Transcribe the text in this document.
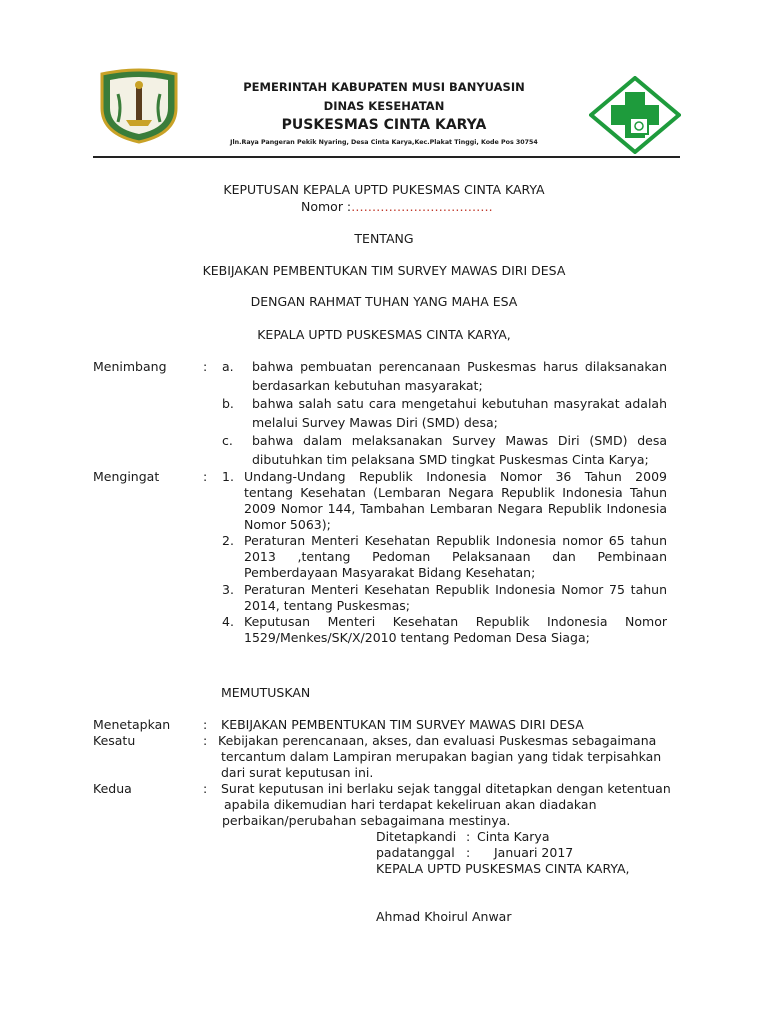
PEMERINTAH KABUPATEN MUSI BANYUASIN
DINAS KESEHATAN
PUSKESMAS CINTA KARYA
Jln.Raya Pangeran Pekik Nyaring, Desa Cinta Karya,Kec.Plakat Tinggi, Kode Pos 30754
KEPUTUSAN KEPALA UPTD PUKESMAS CINTA KARYA
Nomor :…………………………….
TENTANG
KEBIJAKAN PEMBENTUKAN TIM SURVEY MAWAS DIRI DESA
DENGAN RAHMAT TUHAN YANG MAHA ESA
KEPALA UPTD PUSKESMAS CINTA KARYA,
Menimbang	: a. bahwa pembuatan perencanaan Puskesmas harus dilaksanakan
berdasarkan kebutuhan masyarakat;
b. bahwa salah satu cara mengetahui kebutuhan masyrakat adalah
melalui Survey Mawas Diri (SMD) desa;
c. bahwa dalam melaksanakan Survey Mawas Diri (SMD) desa
dibutuhkan tim pelaksana SMD tingkat Puskesmas Cinta Karya;
Mengingat	: 1. Undang-Undang Republik Indonesia Nomor 36 Tahun 2009
tentang Kesehatan (Lembaran Negara Republik Indonesia Tahun
2009 Nomor 144, Tambahan Lembaran Negara Republik Indonesia
Nomor 5063);
2. Peraturan Menteri Kesehatan Republik Indonesia nomor 65 tahun
2013 ,tentang Pedoman Pelaksanaan dan Pembinaan
Pemberdayaan Masyarakat Bidang Kesehatan;
3. Peraturan Menteri Kesehatan Republik Indonesia Nomor 75 tahun
2014, tentang Puskesmas;
4. Keputusan Menteri Kesehatan Republik Indonesia Nomor
1529/Menkes/SK/X/2010 tentang Pedoman Desa Siaga;
MEMUTUSKAN
Menetapkan	: KEBIJAKAN PEMBENTUKAN TIM SURVEY MAWAS DIRI DESA
Kesatu	: Kebijakan perencanaan, akses, dan evaluasi Puskesmas sebagaimana
tercantum dalam Lampiran merupakan bagian yang tidak terpisahkan
dari surat keputusan ini.
Kedua	: Surat keputusan ini berlaku sejak tanggal ditetapkan dengan ketentuan
apabila dikemudian hari terdapat kekeliruan akan diadakan
perbaikan/perubahan sebagaimana mestinya.
Ditetapkandi : Cinta Karya
padatanggal : Januari 2017
KEPALA UPTD PUSKESMAS CINTA KARYA,
Ahmad Khoirul Anwar
